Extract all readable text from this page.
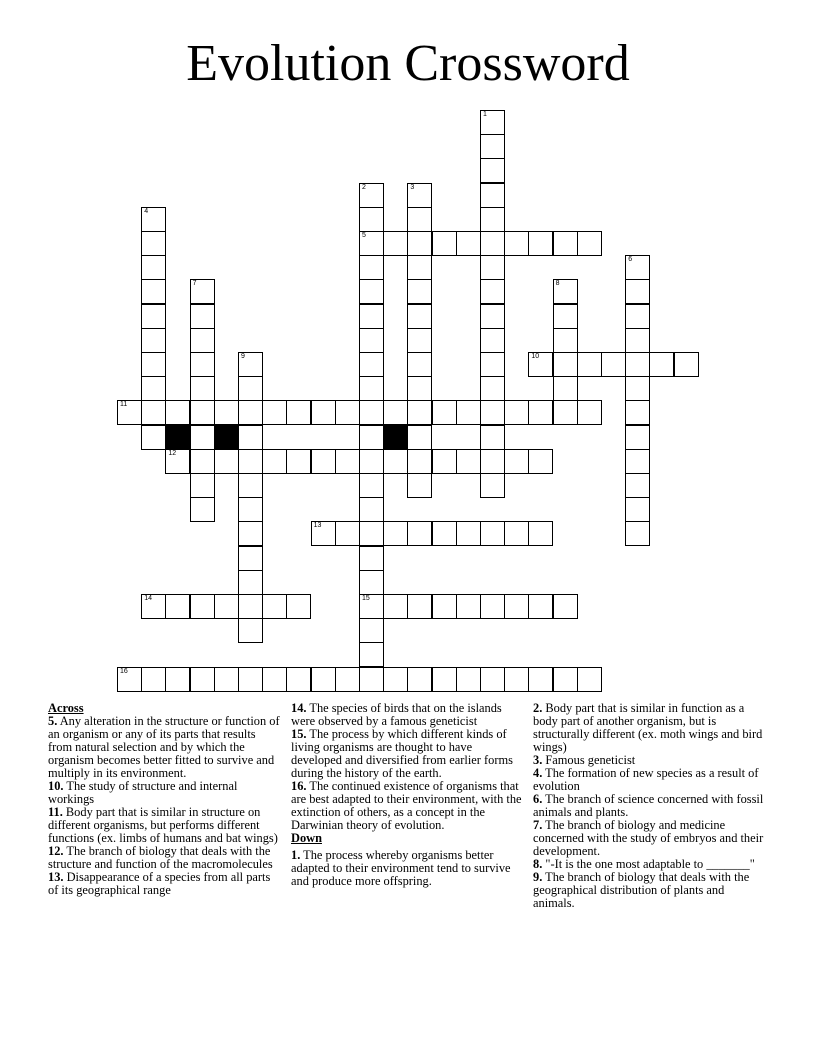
Evolution Crossword
1
2
5
15
3
4
6
7	8
9	10
11
12
13
14
16

Across

5. Any alteration in the structure or function of an organism or any of its parts that results from natural selection and by which the organism becomes better fitted to survive and multiply in its environment.

10. The study of structure and internal workings

11. Body part that is similar in structure on different organisms, but performs different functions (ex. limbs of humans and bat wings)

12. The branch of biology that deals with the structure and function of the macromolecules

13. Disappearance of a species from all parts of its geographical range

14. The species of birds that on the islands were observed by a famous geneticist

15. The process by which different kinds of living organisms are thought to have developed and diversified from earlier forms during the history of the earth.

16. The continued existence of organisms that are best adapted to their environment, with the extinction of others, as a concept in the Darwinian theory of evolution.

Down

1. The process whereby organisms better adapted to their environment tend to survive and produce more offspring.

2. Body part that is similar in function as a body part of another organism, but is structurally different (ex. moth wings and bird wings)

3. Famous geneticist

4. The formation of new species as a result of evolution

6. The branch of science concerned with fossil animals and plants.

7. The branch of biology and medicine concerned with the study of embryos and their development.

8. "-It is the one most adaptable to _______"

9. The branch of biology that deals with the geographical distribution of plants and animals.
